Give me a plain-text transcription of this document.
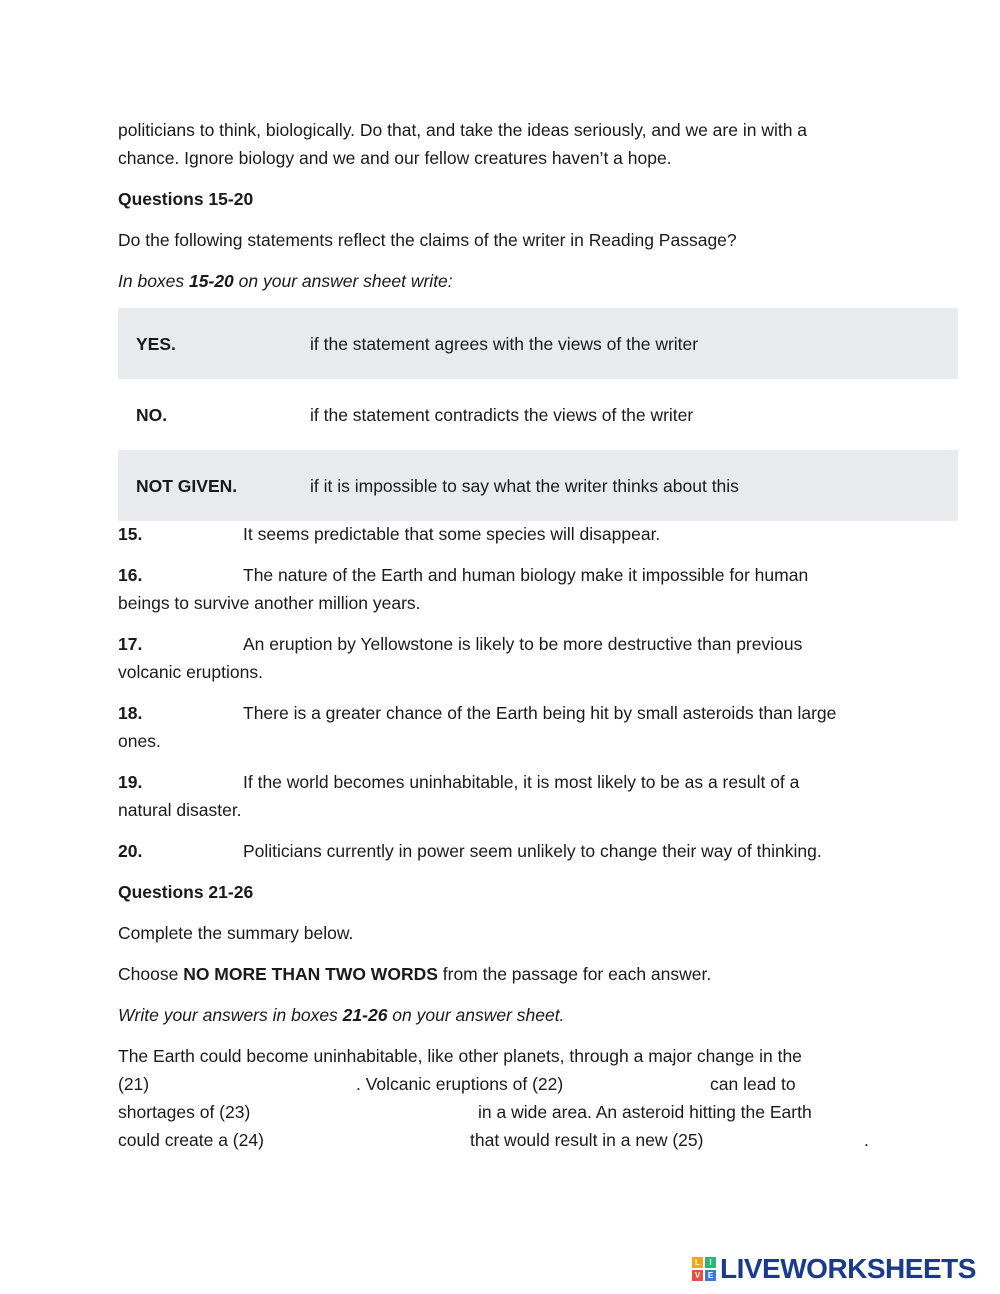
politicians to think, biologically. Do that, and take the ideas seriously, and we are in with a
chance. Ignore biology and we and our fellow creatures haven’t a hope.

Questions 15-20

Do the following statements reflect the claims of the writer in Reading Passage?

In boxes 15-20 on your answer sheet write:

YES.	if the statement agrees with the views of the writer
NO.	if the statement contradicts the views of the writer
NOT GIVEN.	if it is impossible to say what the writer thinks about this

15.	It seems predictable that some species will disappear.

16.	The nature of the Earth and human biology make it impossible for human
beings to survive another million years.

17.	An eruption by Yellowstone is likely to be more destructive than previous
volcanic eruptions.

18.	There is a greater chance of the Earth being hit by small asteroids than large
ones.

19.	If the world becomes uninhabitable, it is most likely to be as a result of a
natural disaster.

20.	Politicians currently in power seem unlikely to change their way of thinking.

Questions 21-26

Complete the summary below.

Choose NO MORE THAN TWO WORDS from the passage for each answer.

Write your answers in boxes 21-26 on your answer sheet.

The Earth could become uninhabitable, like other planets, through a major change in the
(21)	. Volcanic eruptions of (22)	can lead to
shortages of (23)	in a wide area. An asteroid hitting the Earth
could create a (24)	that would result in a new (25)	.
L	I
V E LIVEWORKSHEETS
